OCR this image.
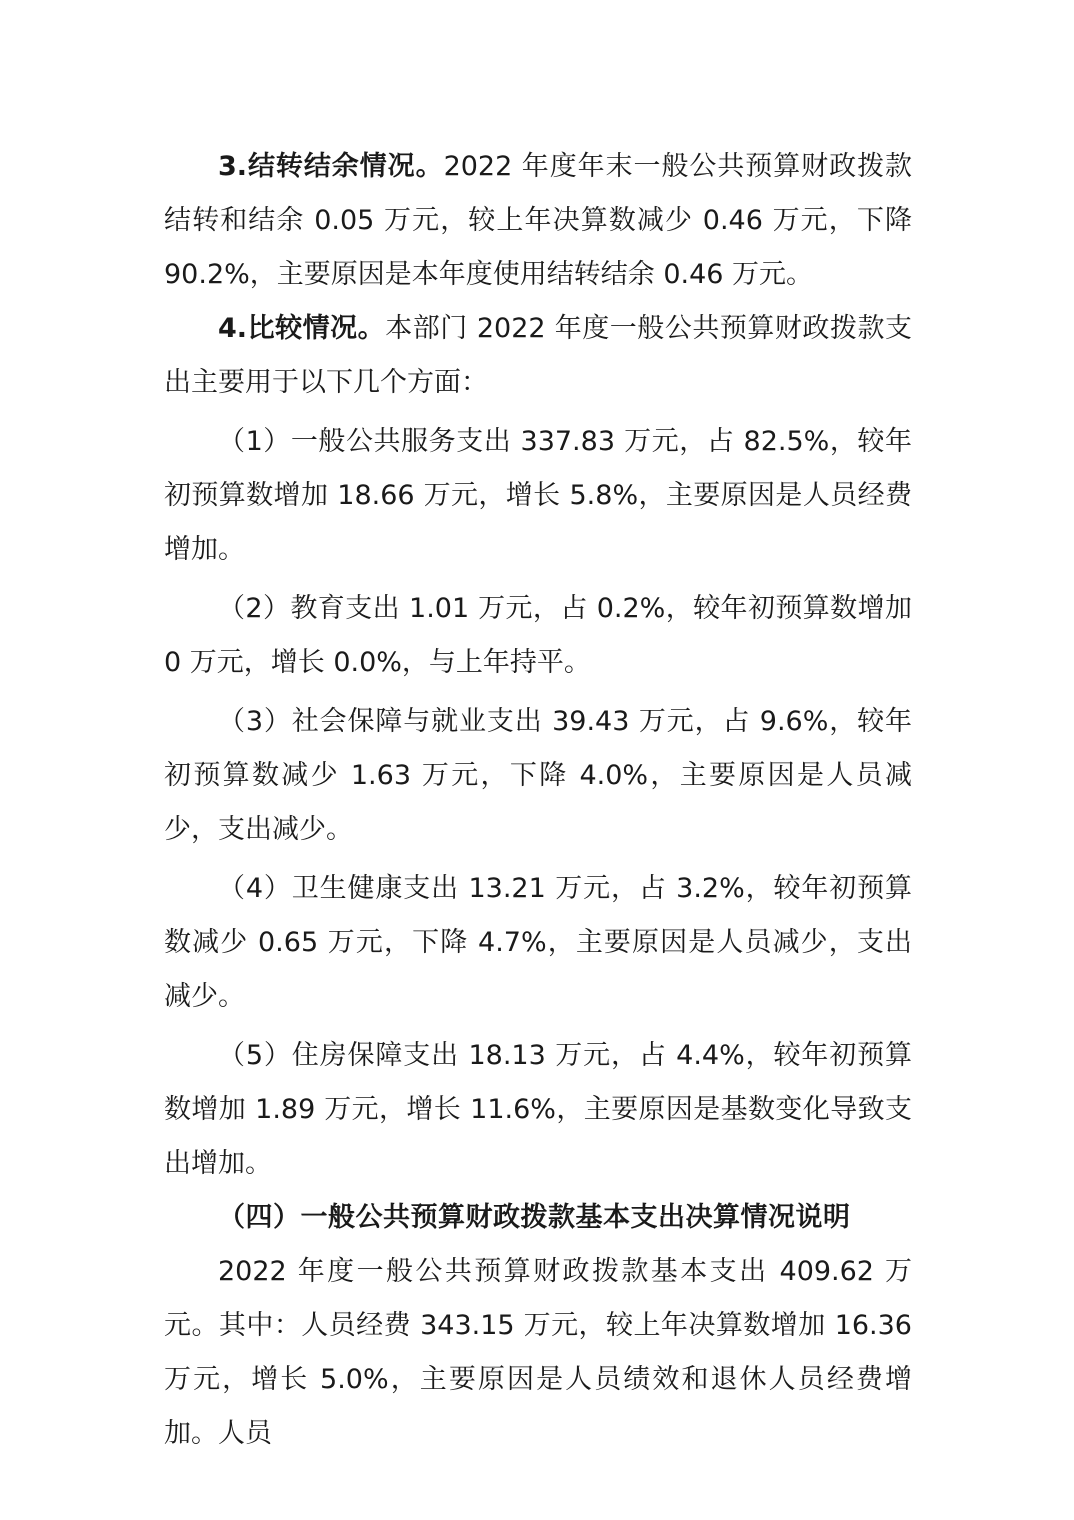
3.结转结余情况。2022 年度年末一般公共预算财政拨款结转和结余 0.05 万元，较上年决算数减少 0.46 万元，下降 90.2%，主要原因是本年度使用结转结余 0.46 万元。

4.比较情况。本部门 2022 年度一般公共预算财政拨款支出主要用于以下几个方面：

（1）一般公共服务支出 337.83 万元，占 82.5%，较年初预算数增加 18.66 万元，增长 5.8%，主要原因是人员经费增加。

（2）教育支出 1.01 万元，占 0.2%，较年初预算数增加 0 万元，增长 0.0%，与上年持平。

（3）社会保障与就业支出 39.43 万元，占 9.6%，较年初预算数减少 1.63 万元，下降 4.0%，主要原因是人员减少，支出减少。

（4）卫生健康支出 13.21 万元，占 3.2%，较年初预算数减少 0.65 万元，下降 4.7%，主要原因是人员减少，支出减少。

（5）住房保障支出 18.13 万元，占 4.4%，较年初预算数增加 1.89 万元，增长 11.6%，主要原因是基数变化导致支出增加。

（四）一般公共预算财政拨款基本支出决算情况说明

2022 年度一般公共预算财政拨款基本支出 409.62 万元。其中：人员经费 343.15 万元，较上年决算数增加 16.36 万元，增长 5.0%，主要原因是人员绩效和退休人员经费增加。人员
